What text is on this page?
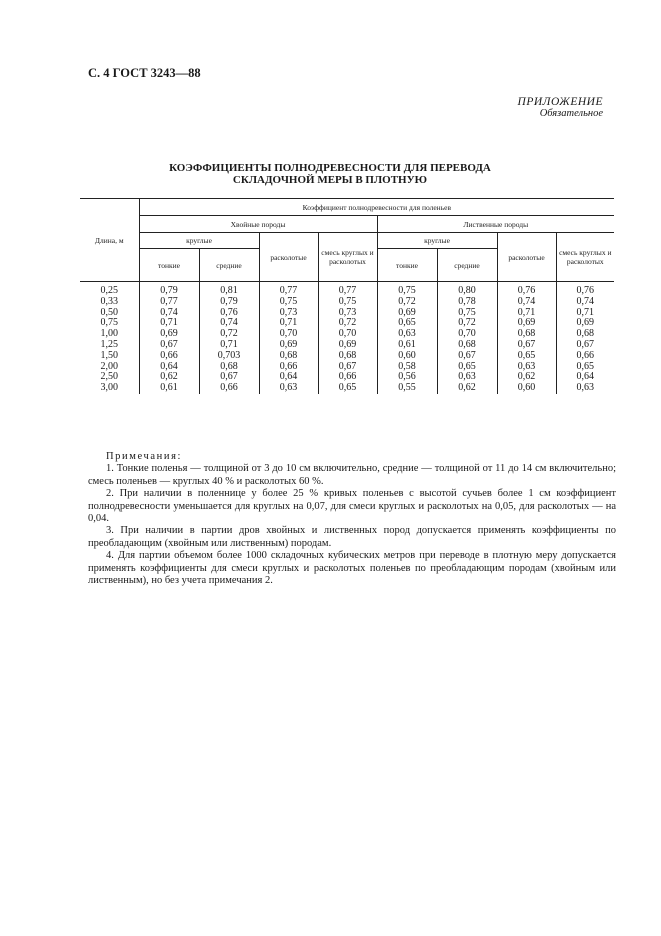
С. 4 ГОСТ 3243—88
ПРИЛОЖЕНИЕ
Обязательное
КОЭФФИЦИЕНТЫ ПОЛНОДРЕВЕСНОСТИ ДЛЯ ПЕРЕВОДА
СКЛАДОЧНОЙ МЕРЫ В ПЛОТНУЮ
Длина, м	Коэффициент полнодревесности для поленьев							
	Хвойные породы				Лиственные породы			
	круглые		расколотые	смесь круглых и расколотых	круглые		расколотые	смесь круглых и расколотых
	тонкие	средние			тонкие	средние		
0,25	0,79	0,81	0,77	0,77	0,75	0,80	0,76	0,76
0,33	0,77	0,79	0,75	0,75	0,72	0,78	0,74	0,74
0,50	0,74	0,76	0,73	0,73	0,69	0,75	0,71	0,71
0,75	0,71	0,74	0,71	0,72	0,65	0,72	0,69	0,69
1,00	0,69	0,72	0,70	0,70	0,63	0,70	0,68	0,68
1,25	0,67	0,71	0,69	0,69	0,61	0,68	0,67	0,67
1,50	0,66	0,703	0,68	0,68	0,60	0,67	0,65	0,66
2,00	0,64	0,68	0,66	0,67	0,58	0,65	0,63	0,65
2,50	0,62	0,67	0,64	0,66	0,56	0,63	0,62	0,64
3,00	0,61	0,66	0,63	0,65	0,55	0,62	0,60	0,63
Примечания:

1. Тонкие поленья — толщиной от 3 до 10 см включительно, средние — толщиной от 11 до 14 см включительно; смесь поленьев — круглых 40 % и расколотых 60 %.

2. При наличии в поленнице у более 25 % кривых поленьев с высотой сучьев более 1 см коэффициент полнодревесности уменьшается для круглых на 0,07, для смеси круглых и расколотых на 0,05, для расколотых — на 0,04.

3. При наличии в партии дров хвойных и лиственных пород допускается применять коэффициенты по преобладающим (хвойным или лиственным) породам.

4. Для партии объемом более 1000 складочных кубических метров при переводе в плотную меру допускается применять коэффициенты для смеси круглых и расколотых поленьев по преобладающим породам (хвойным или лиственным), но без учета примечания 2.
